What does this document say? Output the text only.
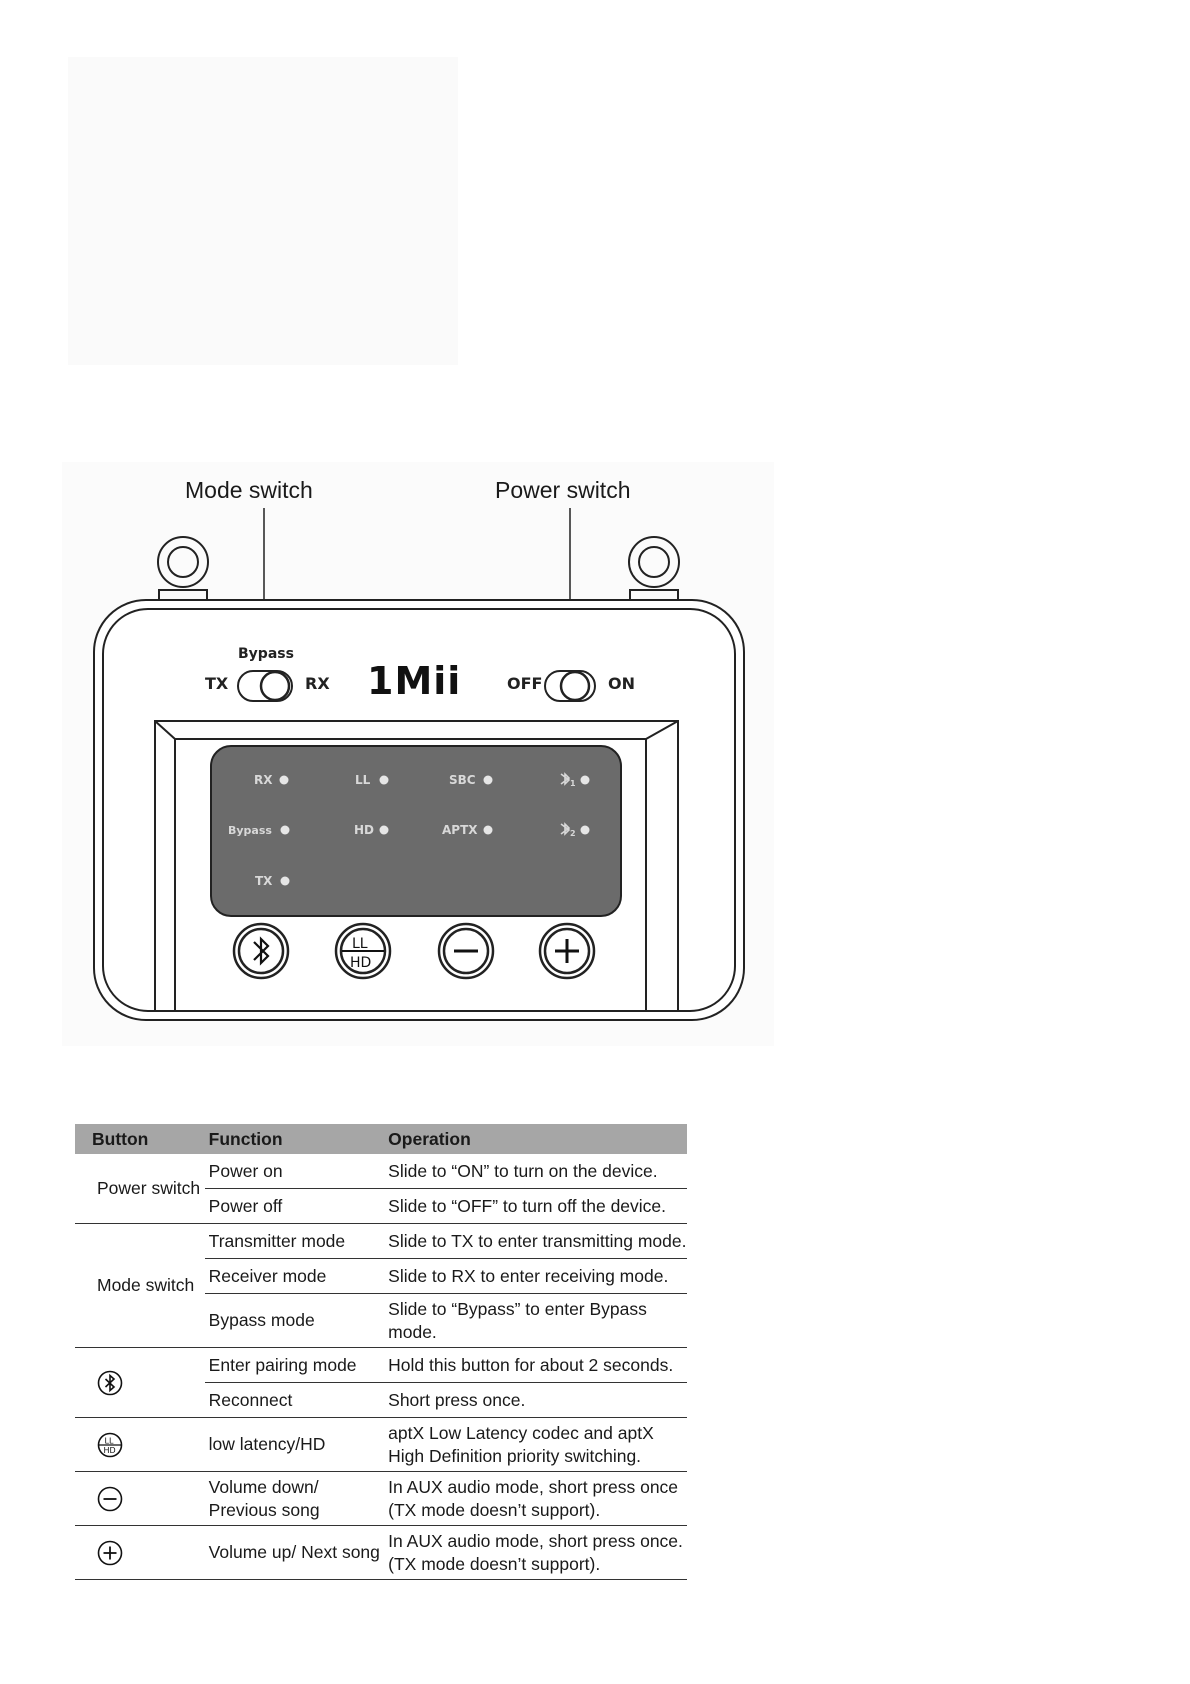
Mode switch	Power switch
Bypass
TX	RX 1Mii	OFF	ON
RX
Bypass
TX
LL
HD
SBC
APTX
1
2
LL
HD
Button	Function	Operation
Power switch	Power on	Slide to “ON” to turn on the device.
	Power off	Slide to “OFF” to turn off the device.
Mode switch	Transmitter mode	Slide to TX to enter transmitting mode.
	Receiver mode	Slide to RX to enter receiving mode.
	Bypass mode	Slide to “Bypass” to enter Bypass mode.
	Enter pairing mode	Hold this button for about 2 seconds.
	Reconnect	Short press once.

LL
HD	low latency/HD	aptX Low Latency codec and aptX High Definition priority switching.
	Volume down/ Previous song	In AUX audio mode, short press once (TX mode doesn’t support).
	Volume up/ Next song	In AUX audio mode, short press once. (TX mode doesn’t support).
